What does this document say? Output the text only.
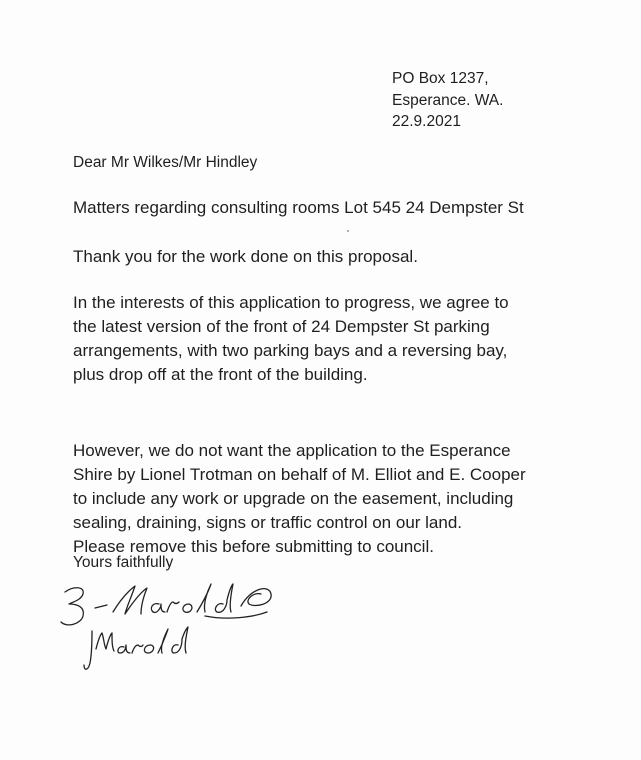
PO Box 1237,
Esperance. WA.
22.9.2021
Dear Mr Wilkes/Mr Hindley
Matters regarding consulting rooms Lot 545 24 Dempster St

Thank you for the work done on this proposal.

In the interests of this application to progress, we agree to
the latest version of the front of 24 Dempster St parking
arrangements, with two parking bays and a reversing bay,
plus drop off at the front of the building.

However, we do not want the application to the Esperance
Shire by Lionel Trotman on behalf of M. Elliot and E. Cooper
to include any work or upgrade on the easement, including
sealing, draining, signs or traffic control on our land.
Please remove this before submitting to council.

Yours faithfully
